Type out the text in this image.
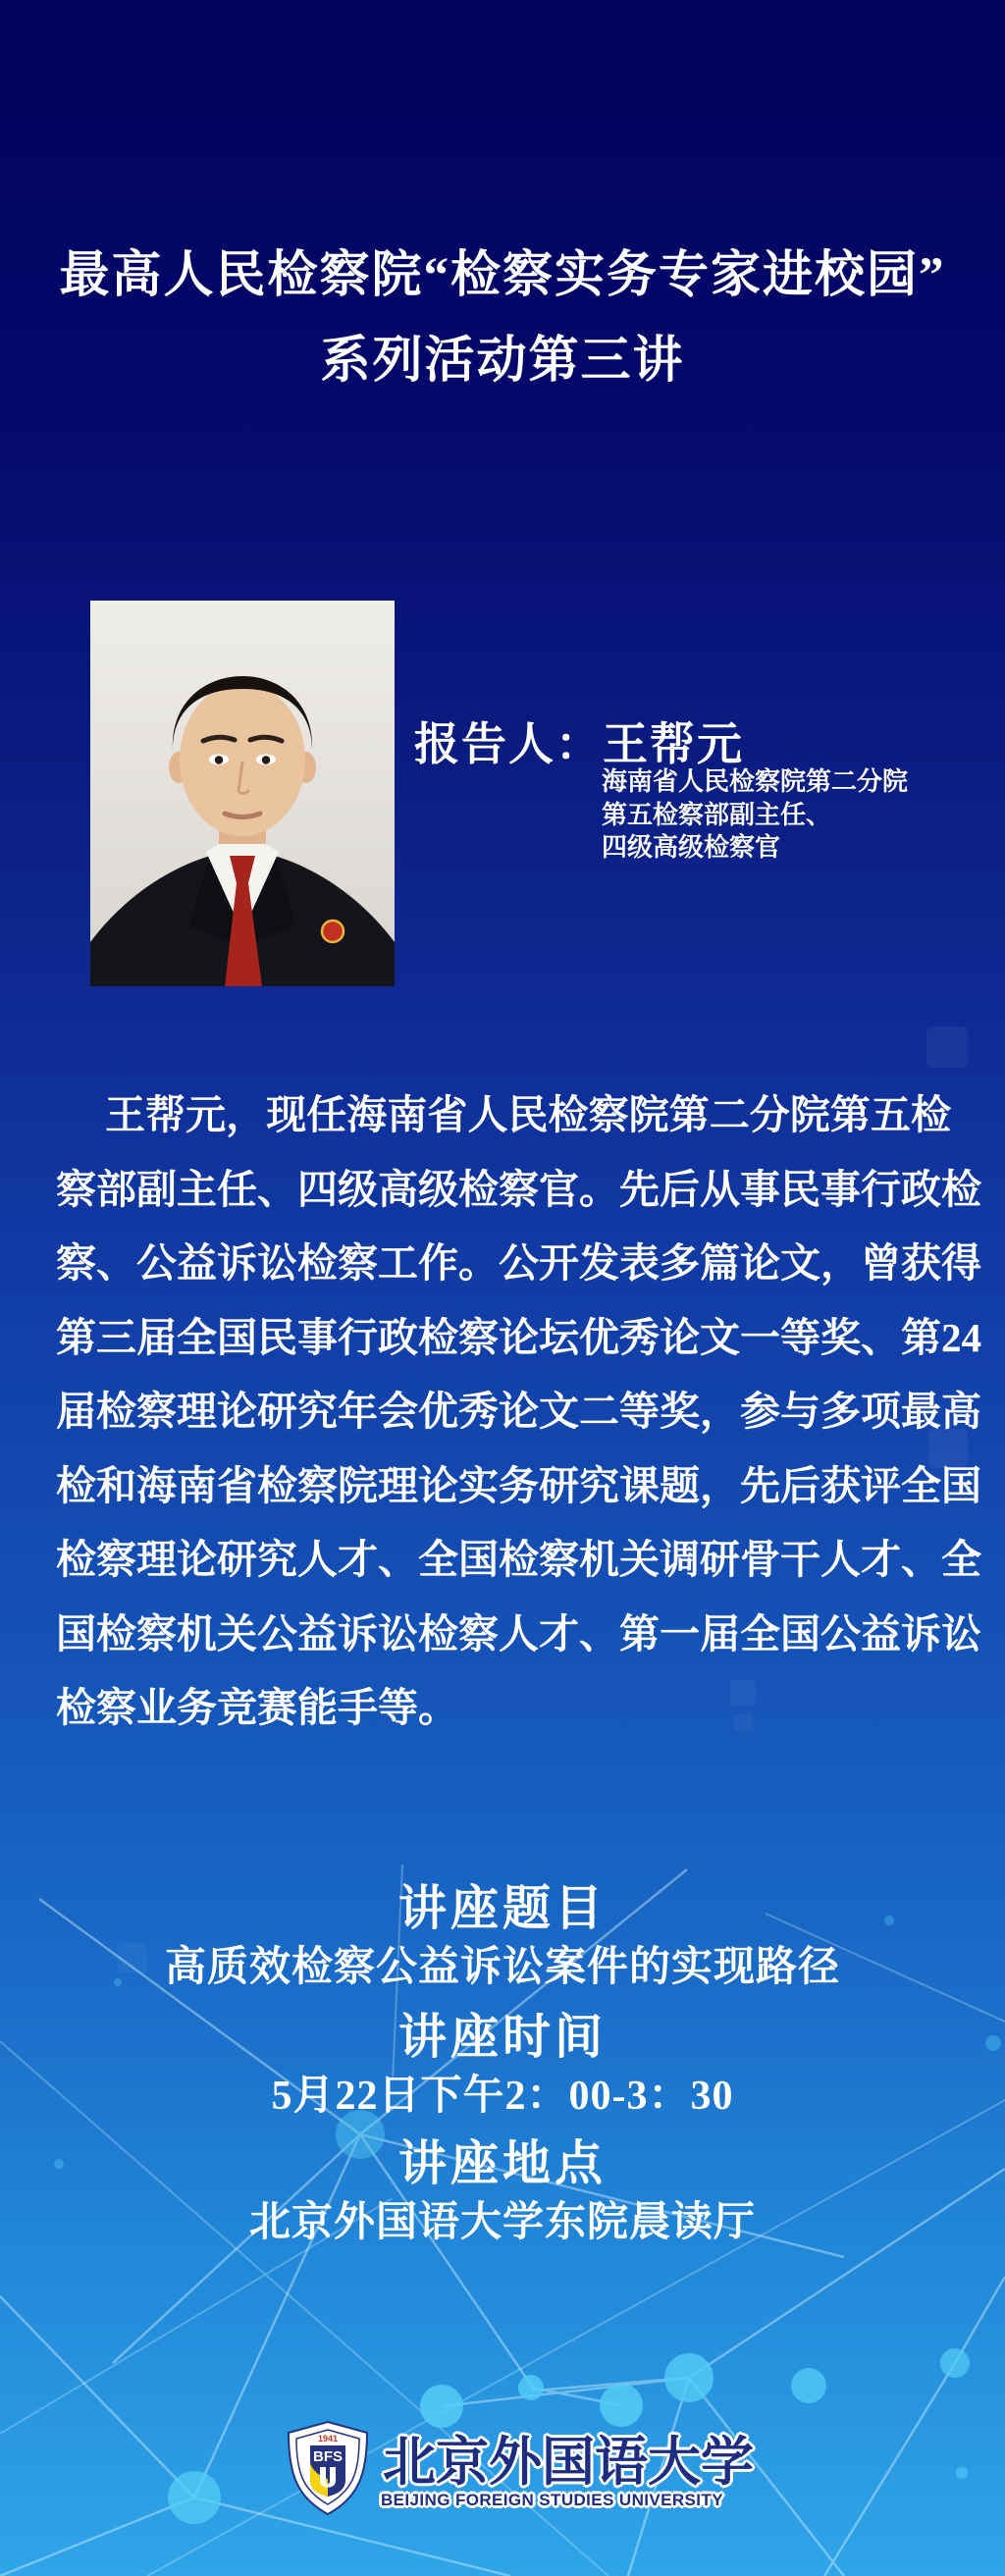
最高人民检察院“检察实务专家进校园”
系列活动第三讲
报告人：王帮元
海南省人民检察院第二分院
第五检察部副主任、
四级高级检察官
王帮元，现任海南省人民检察院第二分院第五检
察部副主任、四级高级检察官。先后从事民事行政检
察、公益诉讼检察工作。公开发表多篇论文，曾获得
第三届全国民事行政检察论坛优秀论文一等奖、第24
届检察理论研究年会优秀论文二等奖，参与多项最高
检和海南省检察院理论实务研究课题，先后获评全国
检察理论研究人才、全国检察机关调研骨干人才、全
国检察机关公益诉讼检察人才、第一届全国公益诉讼
检察业务竞赛能手等。
讲座题目
高质效检察公益诉讼案件的实现路径
讲座时间
5月22日下午2：00-3：30
讲座地点
北京外国语大学东院晨读厅
1941
BFS 北京外国语大学
BEIJING FOREIGN STUDIES UNIVERSITY
